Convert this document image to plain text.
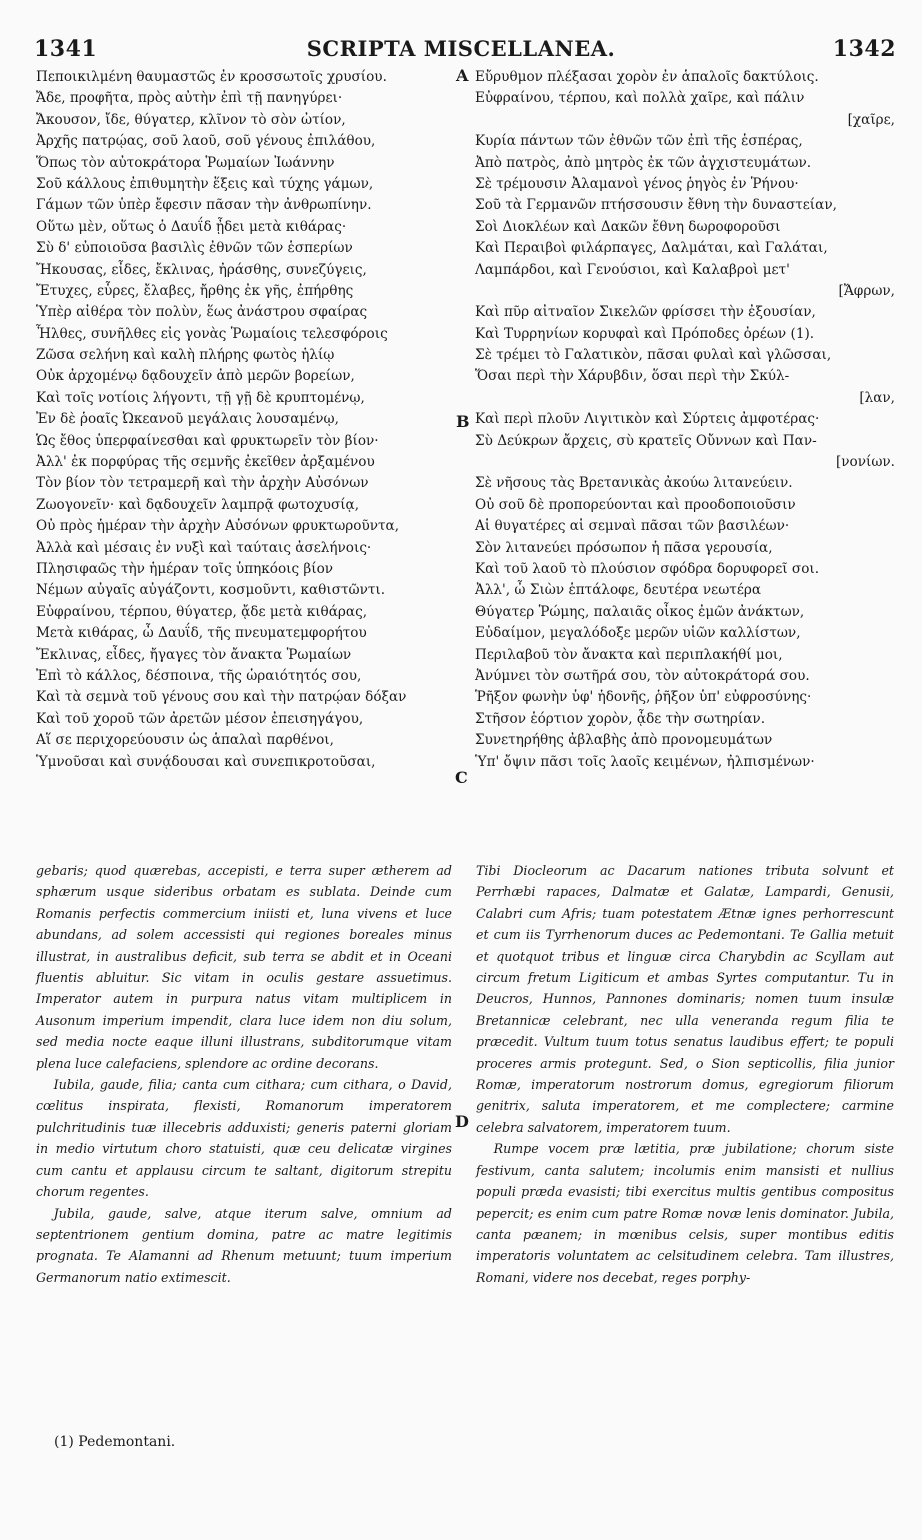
1341	SCRIPTA MISCELLANEA.	1342
A
B
C
D
Πεποικιλμένη θαυμαστῶς ἐν κροσσωτοῖς χρυσίου.
Ἄδε, προφῆτα, πρὸς αὐτὴν ἐπὶ τῇ πανηγύρει·
Ἄκουσον, ἴδε, θύγατερ, κλῖνον τὸ σὸν ὠτίον,
Ἀρχῆς πατρῴας, σοῦ λαοῦ, σοῦ γένους ἐπιλάθου,
Ὅπως τὸν αὐτοκράτορα Ῥωμαίων Ἰωάννην
Σοῦ κάλλους ἐπιθυμητὴν ἕξεις καὶ τύχης γάμων,
Γάμων τῶν ὑπὲρ ἔφεσιν πᾶσαν τὴν ἀνθρωπίνην.
Οὕτω μὲν, οὕτως ὁ Δαυΐδ ᾖδει μετὰ κιθάρας·
Σὺ δ' εὐποιοῦσα βασιλὶς ἐθνῶν τῶν ἑσπερίων
Ἤκουσας, εἶδες, ἔκλινας, ἠράσθης, συνεζύγεις,
Ἔτυχες, εὗρες, ἔλαβες, ἤρθης ἐκ γῆς, ἐπήρθης
Ὑπὲρ αἰθέρα τὸν πολὺν, ἕως ἀνάστρου σφαίρας
Ἦλθες, συνῆλθες εἰς γονὰς Ῥωμαίοις τελεσφόροις
Ζῶσα σελήνη καὶ καλὴ πλήρης φωτὸς ἡλίῳ
Οὐκ ἀρχομένῳ δᾳδουχεῖν ἀπὸ μερῶν βορείων,
Καὶ τοῖς νοτίοις λήγοντι, τῇ γῇ δὲ κρυπτομένῳ,
Ἐν δὲ ῥοαῖς Ὠκεανοῦ μεγάλαις λουσαμένῳ,
Ὡς ἔθος ὑπερφαίνεσθαι καὶ φρυκτωρεῖν τὸν βίον·
Ἀλλ' ἐκ πορφύρας τῆς σεμνῆς ἐκεῖθεν ἀρξαμένου
Τὸν βίον τὸν τετραμερῆ καὶ τὴν ἀρχὴν Αὐσόνων
Ζωογονεῖν· καὶ δᾳδουχεῖν λαμπρᾷ φωτοχυσίᾳ,
Οὐ πρὸς ἡμέραν τὴν ἀρχὴν Αὐσόνων φρυκτωροῦντα,
Ἀλλὰ καὶ μέσαις ἐν νυξὶ καὶ ταύταις ἀσελήνοις·
Πλησιφαῶς τὴν ἡμέραν τοῖς ὑπηκόοις βίον
Νέμων αὐγαῖς αὐγάζοντι, κοσμοῦντι, καθιστῶντι.
Εὐφραίνου, τέρπου, θύγατερ, ᾄδε μετὰ κιθάρας,
Μετὰ κιθάρας, ὦ Δαυΐδ, τῆς πνευματεμφορήτου
Ἔκλινας, εἶδες, ἤγαγες τὸν ἄνακτα Ῥωμαίων
Ἐπὶ τὸ κάλλος, δέσποινα, τῆς ὡραιότητός σου,
Καὶ τὰ σεμνὰ τοῦ γένους σου καὶ τὴν πατρῴαν δόξαν
Καὶ τοῦ χοροῦ τῶν ἀρετῶν μέσον ἐπεισηγάγου,
Αἵ σε περιχορεύουσιν ὡς ἁπαλαὶ παρθένοι,
Ὑμνοῦσαι καὶ συνᾴδουσαι καὶ συνεπικροτοῦσαι,
Εὔρυθμον πλέξασαι χορὸν ἐν ἁπαλοῖς δακτύλοις.
Εὐφραίνου, τέρπου, καὶ πολλὰ χαῖρε, καὶ πάλιν
[χαῖρε,
Κυρία πάντων τῶν ἐθνῶν τῶν ἐπὶ τῆς ἑσπέρας,
Ἀπὸ πατρὸς, ἀπὸ μητρὸς ἐκ τῶν ἀγχιστευμάτων.
Σὲ τρέμουσιν Ἀλαμανοὶ γένος ῥηγὸς ἐν Ῥήνου·
Σοῦ τὰ Γερμανῶν πτήσσουσιν ἔθνη τὴν δυναστείαν,
Σοὶ Διοκλέων καὶ Δακῶν ἔθνη δωροφοροῦσι
Καὶ Περαιβοὶ φιλάρπαγες, Δαλμάται, καὶ Γαλάται,
Λαμπάρδοι, καὶ Γενούσιοι, καὶ Καλαβροὶ μετ'
[Ἄφρων,
Καὶ πῦρ αἰτναῖον Σικελῶν φρίσσει τὴν ἐξουσίαν,
Καὶ Τυρρηνίων κορυφαὶ καὶ Πρόποδες ὀρέων (1).
Σὲ τρέμει τὸ Γαλατικὸν, πᾶσαι φυλαὶ καὶ γλῶσσαι,
Ὅσαι περὶ τὴν Χάρυβδιν, ὅσαι περὶ τὴν Σκύλ-
[λαν,
Καὶ περὶ πλοῦν Λιγιτικὸν καὶ Σύρτεις ἀμφοτέρας·
Σὺ Δεύκρων ἄρχεις, σὺ κρατεῖς Οὔννων καὶ Παν-
[νονίων.
Σὲ νῆσους τὰς Βρετανικὰς ἀκούω λιτανεύειν.
Οὐ σοῦ δὲ προπορεύονται καὶ προοδοποιοῦσιν
Αἱ θυγατέρες αἱ σεμναὶ πᾶσαι τῶν βασιλέων·
Σὸν λιτανεύει πρόσωπον ἡ πᾶσα γερουσία,
Καὶ τοῦ λαοῦ τὸ πλούσιον σφόδρα δορυφορεῖ σοι.
Ἀλλ', ὦ Σιὼν ἑπτάλοφε, δευτέρα νεωτέρα
Θύγατερ Ῥώμης, παλαιᾶς οἶκος ἐμῶν ἀνάκτων,
Εὐδαίμον, μεγαλόδοξε μερῶν υἱῶν καλλίστων,
Περιλαβοῦ τὸν ἄνακτα καὶ περιπλακήθί μοι,
Ἀνύμνει τὸν σωτῆρά σου, τὸν αὐτοκράτορά σου.
Ῥῆξον φωνὴν ὑφ' ἡδονῆς, ῥῆξον ὑπ' εὐφροσύνης·
Στῆσον ἑόρτιον χορὸν, ᾆδε τὴν σωτηρίαν.
Συνετηρήθης ἀβλαβὴς ἀπὸ προνομευμάτων
Ὑπ' ὄψιν πᾶσι τοῖς λαοῖς κειμένων, ἠλπισμένων·

gebaris; quod quærebas, accepisti, e terra super ætherem ad sphærum usque sideribus orbatam es sublata. Deinde cum Romanis perfectis commercium iniisti et, luna vivens et luce abundans, ad solem accessisti qui regiones boreales minus illustrat, in australibus deficit, sub terra se abdit et in Oceani fluentis abluitur. Sic vitam in oculis gestare assuetimus. Imperator autem in purpura natus vitam multiplicem in Ausonum imperium impendit, clara luce idem non diu solum, sed media nocte eaque illuni illustrans, subditorumque vitam plena luce calefaciens, splendore ac ordine decorans.

Iubila, gaude, filia; canta cum cithara; cum cithara, o David, cœlitus inspirata, flexisti, Romanorum imperatorem pulchritudinis tuæ illecebris adduxisti; generis paterni gloriam in medio virtutum choro statuisti, quæ ceu delicatæ virgines cum cantu et applausu circum te saltant, digitorum strepitu chorum regentes.

Jubila, gaude, salve, atque iterum salve, omnium ad septentrionem gentium domina, patre ac matre legitimis prognata. Te Alamanni ad Rhenum metuunt; tuum imperium Germanorum natio extimescit.

Tibi Diocleorum ac Dacarum nationes tributa solvunt et Perrhæbi rapaces, Dalmatæ et Galatæ, Lampardi, Genusii, Calabri cum Afris; tuam potestatem Ætnæ ignes perhorrescunt et cum iis Tyrrhenorum duces ac Pedemontani. Te Gallia metuit et quotquot tribus et linguæ circa Charybdin ac Scyllam aut circum fretum Ligiticum et ambas Syrtes computantur. Tu in Deucros, Hunnos, Pannones dominaris; nomen tuum insulæ Bretannicæ celebrant, nec ulla veneranda regum filia te præcedit. Vultum tuum totus senatus laudibus effert; te populi proceres armis protegunt. Sed, o Sion septicollis, filia junior Romæ, imperatorum nostrorum domus, egregiorum filiorum genitrix, saluta imperatorem, et me complectere; carmine celebra salvatorem, imperatorem tuum.

Rumpe vocem præ lætitia, præ jubilatione; chorum siste festivum, canta salutem; incolumis enim mansisti et nullius populi præda evasisti; tibi exercitus multis gentibus compositus pepercit; es enim cum patre Romæ novæ lenis dominator. Jubila, canta pæanem; in mœnibus celsis, super montibus editis imperatoris voluntatem ac celsitudinem celebra. Tam illustres, Romani, videre nos decebat, reges porphy-

(1) Pedemontani.
